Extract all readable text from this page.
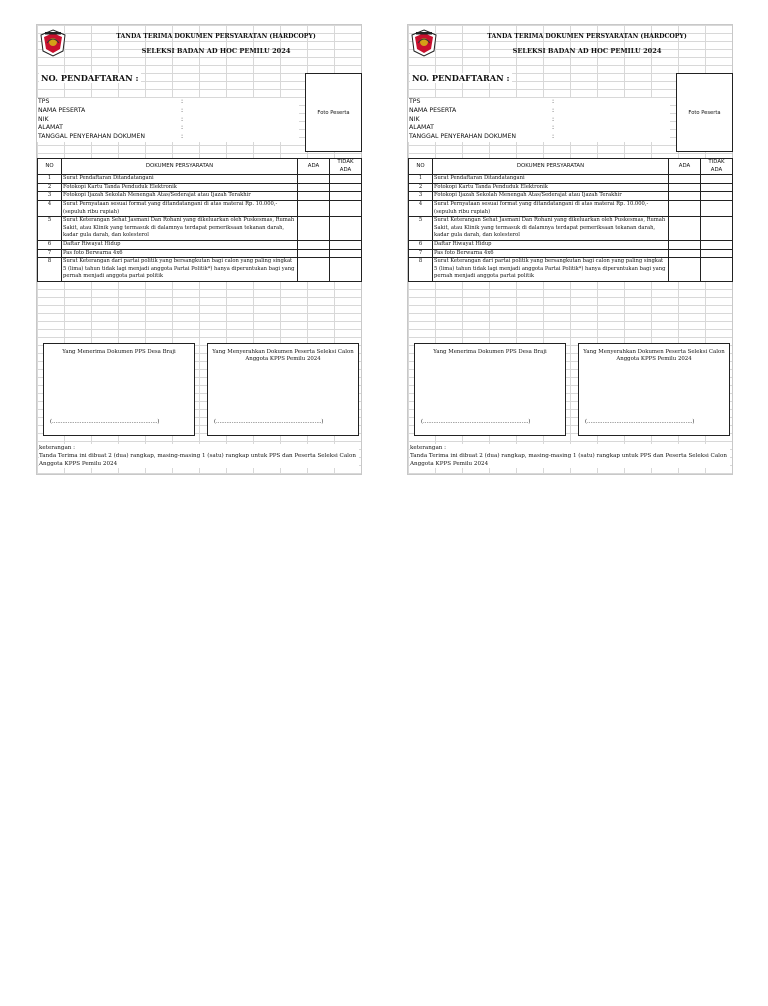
TANDA TERIMA DOKUMEN PERSYARATAN (HARDCOPY)
SELEKSI BADAN AD HOC PEMILU 2024
NO. PENDAFTARAN :
Foto Peserta
TPS	:
NAMA PESERTA	:
NIK	:
ALAMAT	:
TANGGAL PENYERAHAN DOKUMEN	:
NO	DOKUMEN PERSYARATAN	ADA	TIDAK ADA
1	Surat Pendaftaran Ditandatangani		
2	Fotokopi Kartu Tanda Penduduk Elektronik		
3	Fotokopi Ijazah Sekolah Menengah Atas/Sederajat atau Ijazah Terakhir		
4	Surat Pernyataan sesuai format yang ditandatangani di atas materai Rp. 10.000,- (sepuluh ribu rupiah)		
5	Surat Keterangan Sehat Jasmani Dan Rohani yang dikeluarkan oleh Puskesmas, Rumah Sakit, atau Klinik yang termasuk di dalamnya terdapat pemeriksaan tekanan darah, kadar gula darah, dan kolesterol		
6	Daftar Riwayat Hidup		
7	Pas foto Berwarna 4x6		
8	Surat Keterangan dari partai politik yang bersangkutan bagi calon yang paling singkat 5 (lima) tahun tidak lagi menjadi anggota Partai Politik*) hanya diperuntukan bagi yang pernah menjadi anggota partai politik		
Yang Menerima Dokumen PPS Desa Braji
(…………………………………………………….)
Yang Menyerahkan Dokumen Peserta Seleksi Calon Anggota KPPS Pemilu 2024
(…………………………………………………….)
keterangan :
Tanda Terima ini dibuat 2 (dua) rangkap, masing-masing 1 (satu) rangkap untuk PPS dan Peserta Seleksi Calon Anggota KPPS Pemilu 2024
TANDA TERIMA DOKUMEN PERSYARATAN (HARDCOPY)
SELEKSI BADAN AD HOC PEMILU 2024
NO. PENDAFTARAN :
Foto Peserta
TPS	:
NAMA PESERTA	:
NIK	:
ALAMAT	:
TANGGAL PENYERAHAN DOKUMEN	:
NO	DOKUMEN PERSYARATAN	ADA	TIDAK ADA
1	Surat Pendaftaran Ditandatangani		
2	Fotokopi Kartu Tanda Penduduk Elektronik		
3	Fotokopi Ijazah Sekolah Menengah Atas/Sederajat atau Ijazah Terakhir		
4	Surat Pernyataan sesuai format yang ditandatangani di atas materai Rp. 10.000,- (sepuluh ribu rupiah)		
5	Surat Keterangan Sehat Jasmani Dan Rohani yang dikeluarkan oleh Puskesmas, Rumah Sakit, atau Klinik yang termasuk di dalamnya terdapat pemeriksaan tekanan darah, kadar gula darah, dan kolesterol		
6	Daftar Riwayat Hidup		
7	Pas foto Berwarna 4x6		
8	Surat Keterangan dari partai politik yang bersangkutan bagi calon yang paling singkat 5 (lima) tahun tidak lagi menjadi anggota Partai Politik*) hanya diperuntukan bagi yang pernah menjadi anggota partai politik		
Yang Menerima Dokumen PPS Desa Braji
(…………………………………………………….)
Yang Menyerahkan Dokumen Peserta Seleksi Calon Anggota KPPS Pemilu 2024
(…………………………………………………….)
keterangan :
Tanda Terima ini dibuat 2 (dua) rangkap, masing-masing 1 (satu) rangkap untuk PPS dan Peserta Seleksi Calon Anggota KPPS Pemilu 2024
